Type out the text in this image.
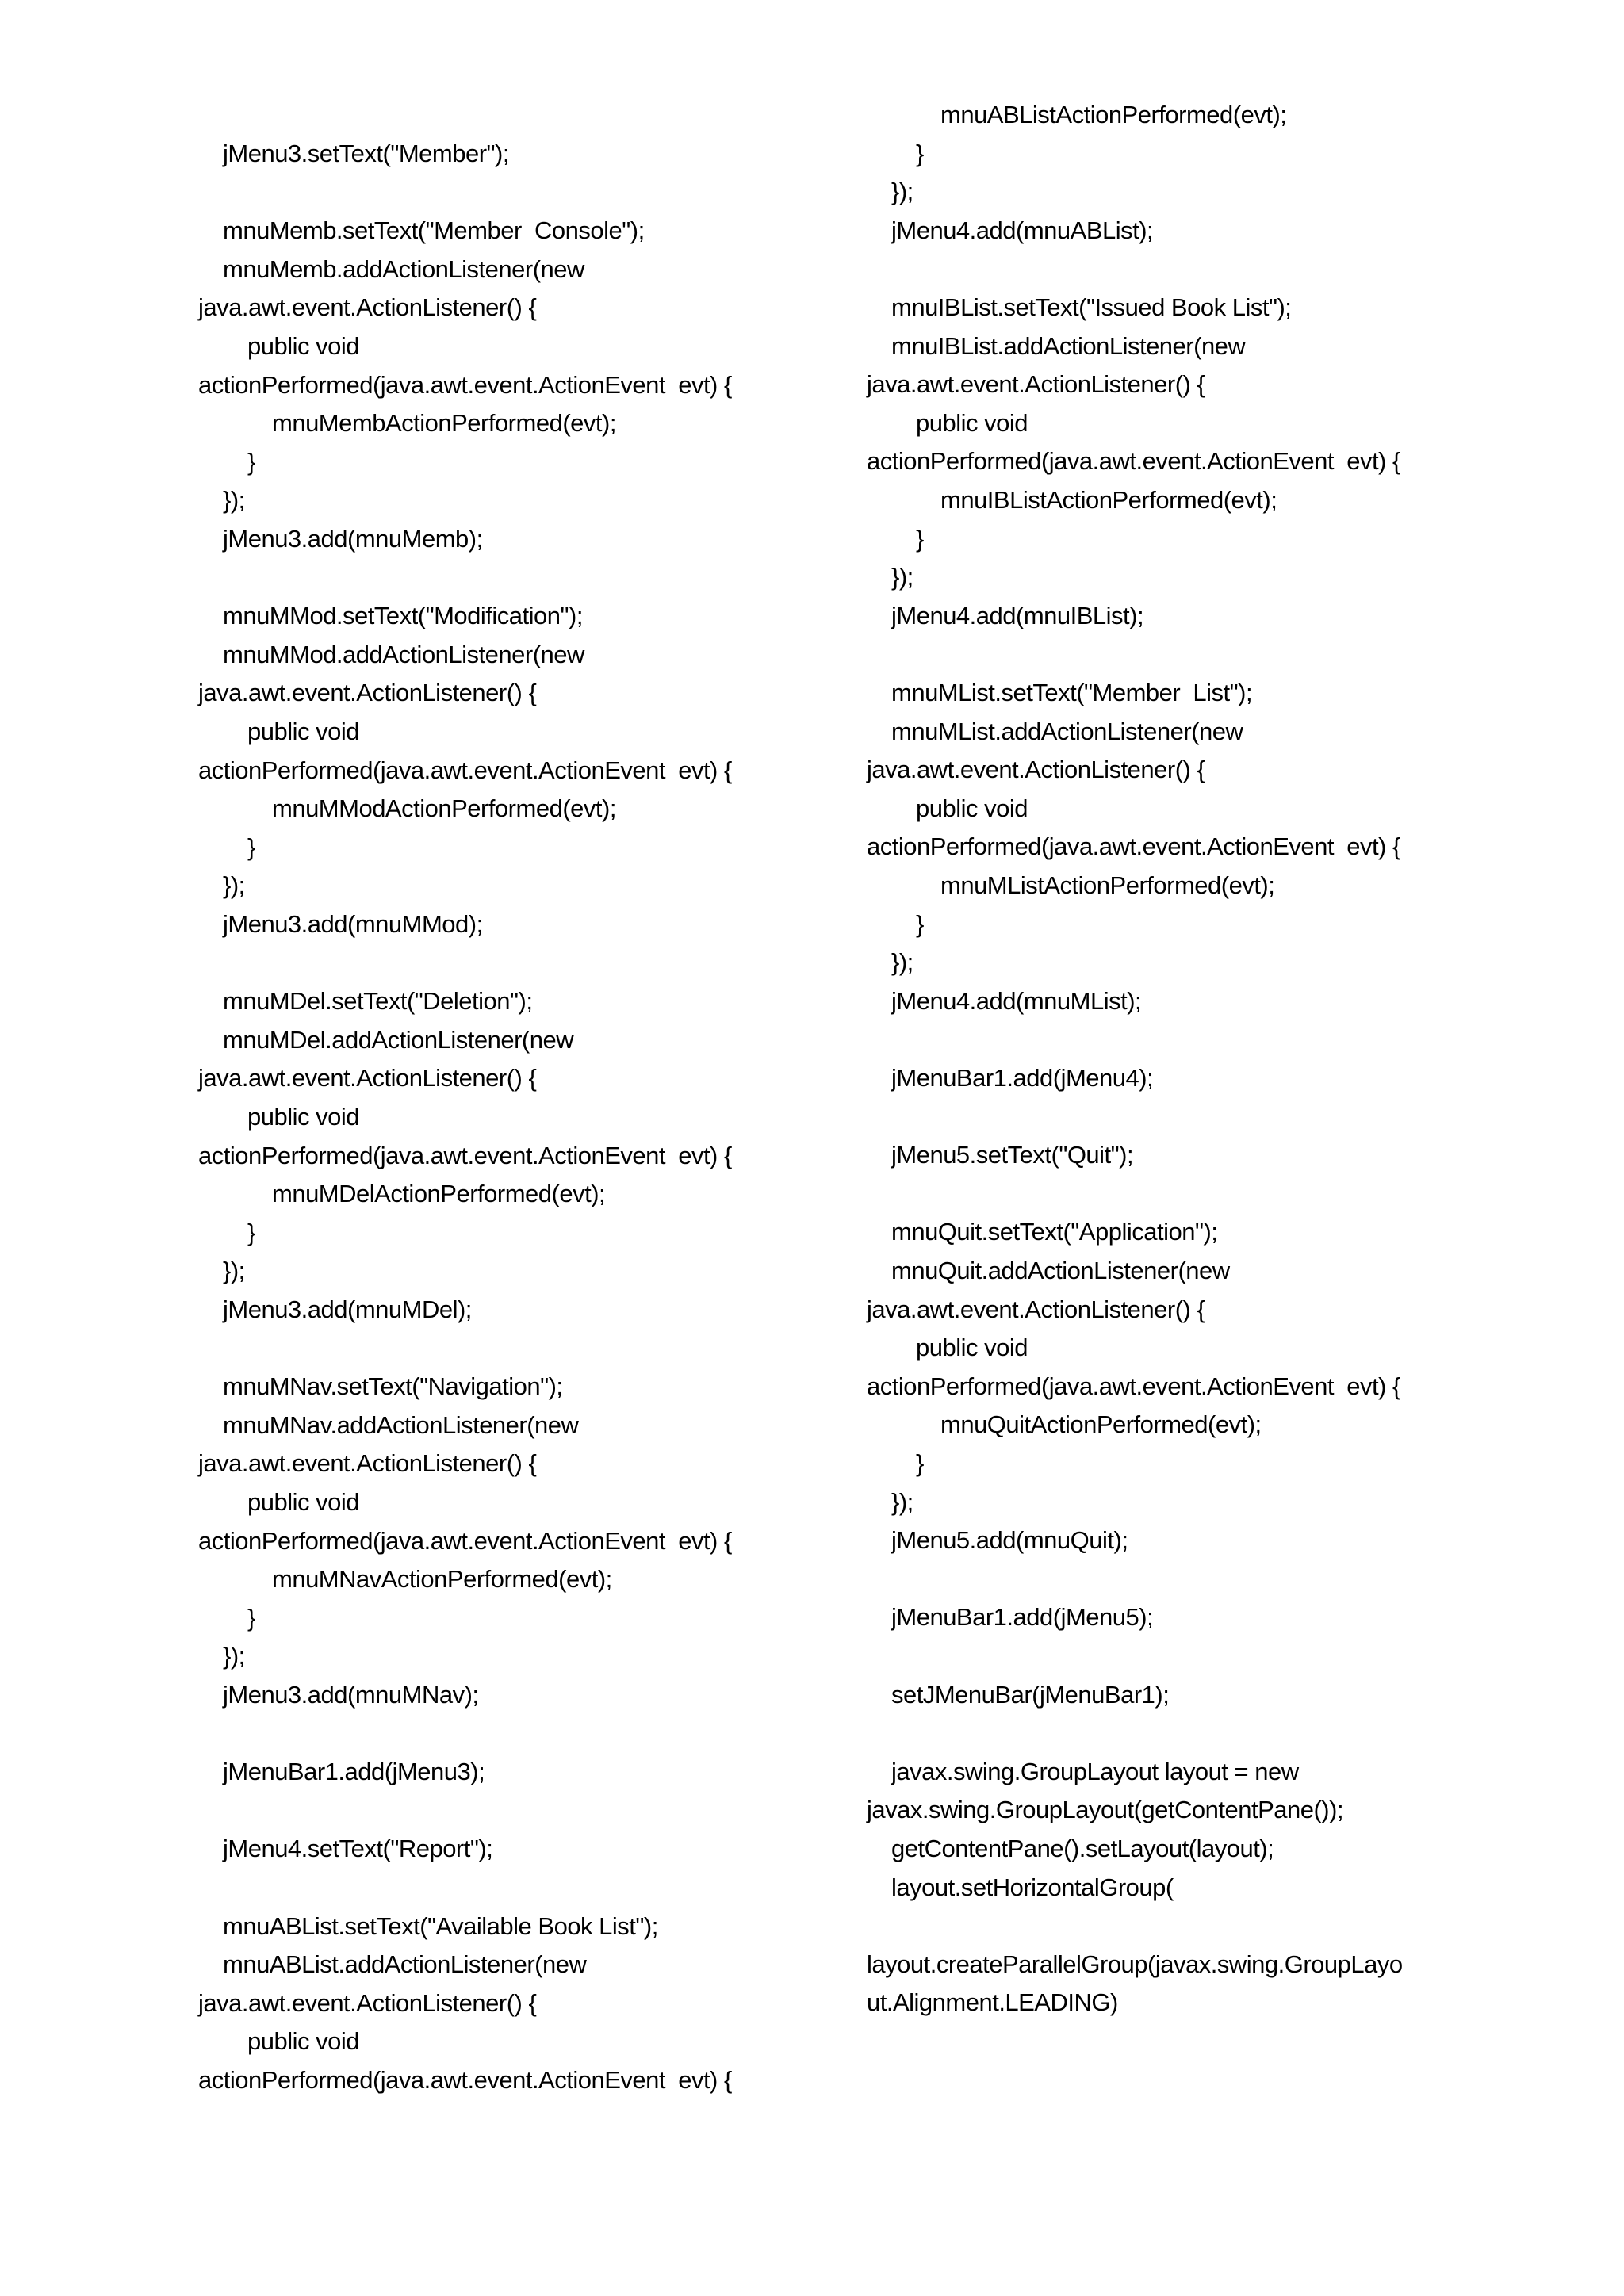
jMenu3.setText("Member");
mnuMemb.setText("Member  Console");
mnuMemb.addActionListener(new
java.awt.event.ActionListener() {
public void
actionPerformed(java.awt.event.ActionEvent  evt) {
mnuMembActionPerformed(evt);
}
});
jMenu3.add(mnuMemb);
mnuMMod.setText("Modification");
mnuMMod.addActionListener(new
java.awt.event.ActionListener() {
public void
actionPerformed(java.awt.event.ActionEvent  evt) {
mnuMModActionPerformed(evt);
}
});
jMenu3.add(mnuMMod);
mnuMDel.setText("Deletion");
mnuMDel.addActionListener(new
java.awt.event.ActionListener() {
public void
actionPerformed(java.awt.event.ActionEvent  evt) {
mnuMDelActionPerformed(evt);
}
});
jMenu3.add(mnuMDel);
mnuMNav.setText("Navigation");
mnuMNav.addActionListener(new
java.awt.event.ActionListener() {
public void
actionPerformed(java.awt.event.ActionEvent  evt) {
mnuMNavActionPerformed(evt);
}
});
jMenu3.add(mnuMNav);
jMenuBar1.add(jMenu3);
jMenu4.setText("Report");
mnuABList.setText("Available Book List");
mnuABList.addActionListener(new
java.awt.event.ActionListener() {
public void
actionPerformed(java.awt.event.ActionEvent  evt) {
mnuABListActionPerformed(evt);
}
});
jMenu4.add(mnuABList);
mnuIBList.setText("Issued Book List");
mnuIBList.addActionListener(new
java.awt.event.ActionListener() {
public void
actionPerformed(java.awt.event.ActionEvent  evt) {
mnuIBListActionPerformed(evt);
}
});
jMenu4.add(mnuIBList);
mnuMList.setText("Member  List");
mnuMList.addActionListener(new
java.awt.event.ActionListener() {
public void
actionPerformed(java.awt.event.ActionEvent  evt) {
mnuMListActionPerformed(evt);
}
});
jMenu4.add(mnuMList);
jMenuBar1.add(jMenu4);
jMenu5.setText("Quit");
mnuQuit.setText("Application");
mnuQuit.addActionListener(new
java.awt.event.ActionListener() {
public void
actionPerformed(java.awt.event.ActionEvent  evt) {
mnuQuitActionPerformed(evt);
}
});
jMenu5.add(mnuQuit);
jMenuBar1.add(jMenu5);
setJMenuBar(jMenuBar1);
javax.swing.GroupLayout layout = new
javax.swing.GroupLayout(getContentPane());
getContentPane().setLayout(layout);
layout.setHorizontalGroup(
layout.createParallelGroup(javax.swing.GroupLayo
ut.Alignment.LEADING)
